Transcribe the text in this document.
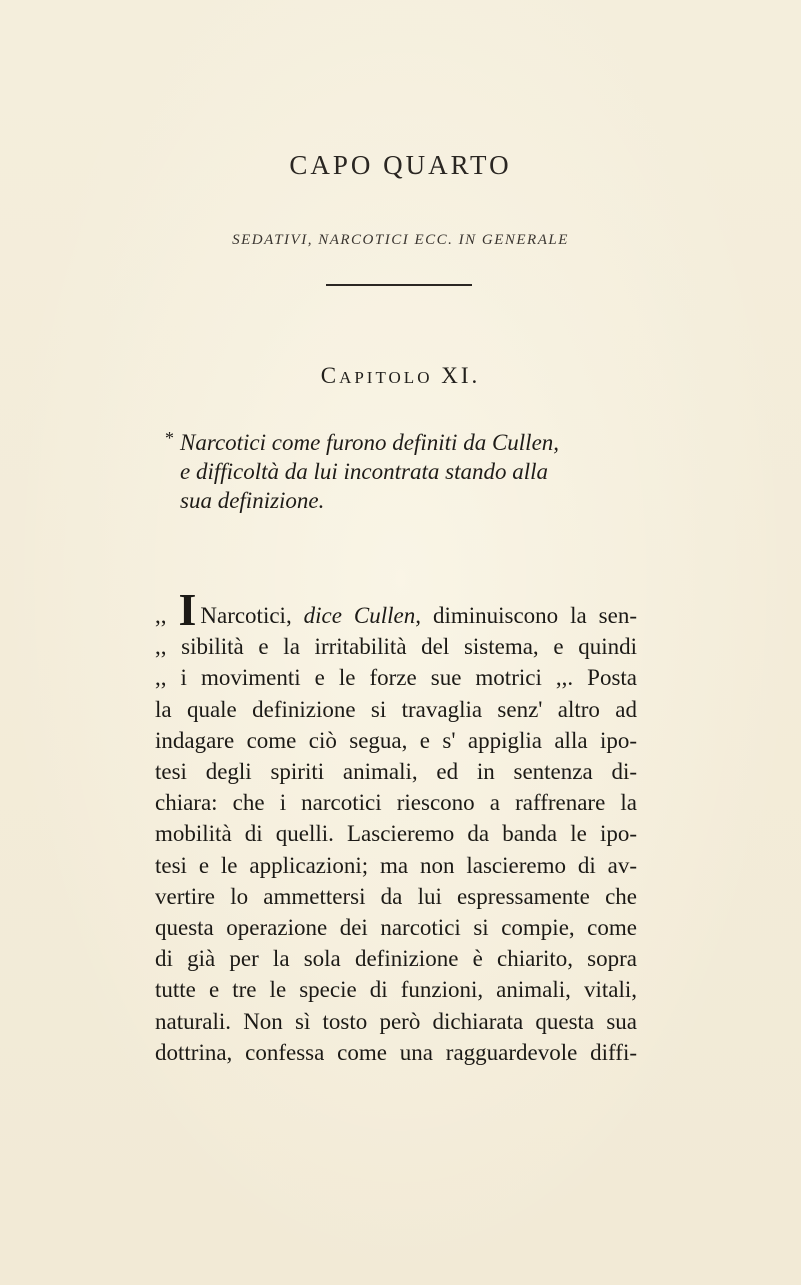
CAPO QUARTO
SEDATIVI, NARCOTICI ECC. IN GENERALE
CAPITOLO XI.
* Narcotici come furono definiti da Cullen,
e difficoltà da lui incontrata stando alla
sua definizione.
,, I Narcotici, dice Cullen, diminuiscono la sen-
,, sibilità e la irritabilità del sistema, e quindi
,, i movimenti e le forze sue motrici ,,. Posta
la quale definizione si travaglia senz' altro ad
indagare come ciò segua, e s' appiglia alla ipo-
tesi degli spiriti animali, ed in sentenza di-
chiara: che i narcotici riescono a raffrenare la
mobilità di quelli. Lascieremo da banda le ipo-
tesi e le applicazioni; ma non lascieremo di av-
vertire lo ammettersi da lui espressamente che
questa operazione dei narcotici si compie, come
di già per la sola definizione è chiarito, sopra
tutte e tre le specie di funzioni, animali, vitali,
naturali. Non sì tosto però dichiarata questa sua
dottrina, confessa come una ragguardevole diffi-
